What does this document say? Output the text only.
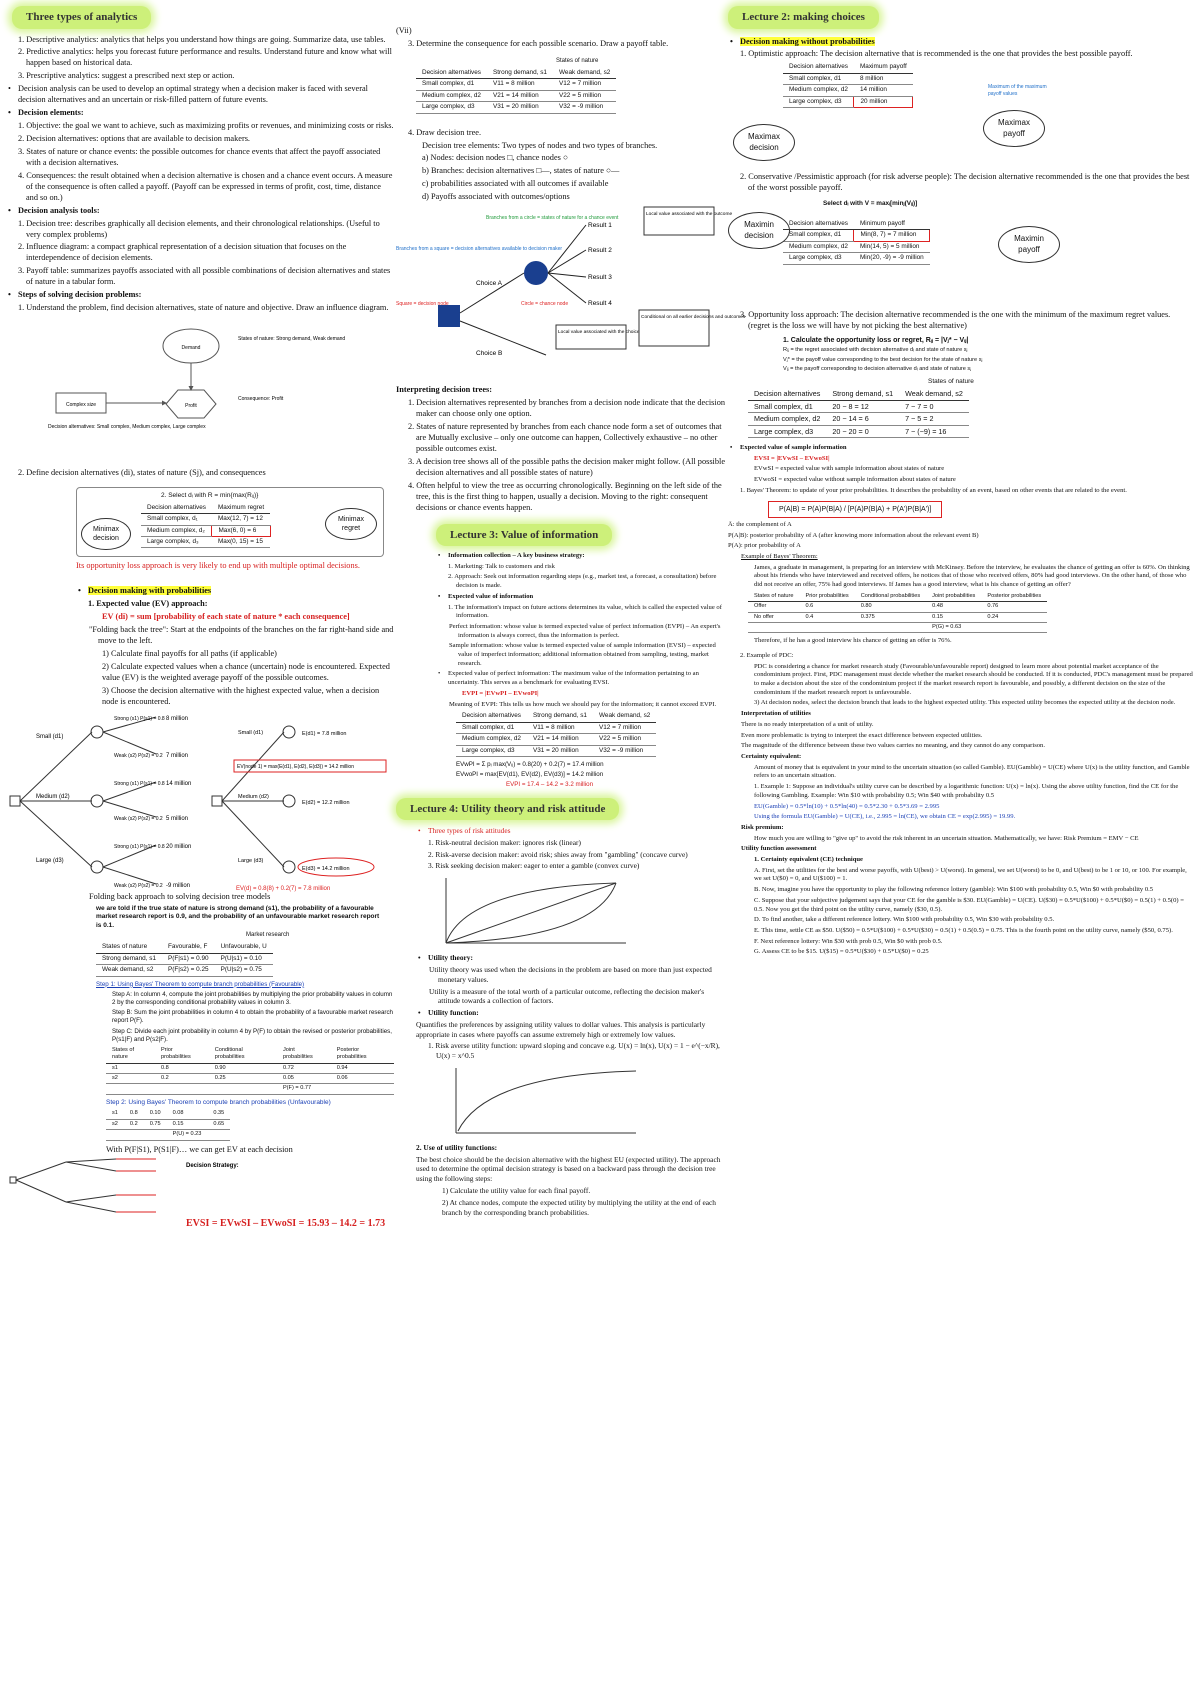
Three types of analytics

1. Descriptive analytics: analytics that helps you understand how things are going. Summarize data, use tables.

2. Predictive analytics: helps you forecast future performance and results. Understand future and know what will happen based on historical data.

3. Prescriptive analytics: suggest a prescribed next step or action.

• Decision analysis can be used to develop an optimal strategy when a decision maker is faced with several decision alternatives and an uncertain or risk-filled pattern of future events.

• Decision elements:

1. Objective: the goal we want to achieve, such as maximizing profits or revenues, and minimizing costs or risks.

2. Decision alternatives: options that are available to decision makers.

3. States of nature or chance events: the possible outcomes for chance events that affect the payoff associated with a decision alternatives.

4. Consequences: the result obtained when a decision alternative is chosen and a chance event occurs. A measure of the consequence is often called a payoff. (Payoff can be expressed in terms of profit, cost, time, distance and so on.)

• Decision analysis tools:

1. Decision tree: describes graphically all decision elements, and their chronological relationships. (Useful to very complex problems)

2. Influence diagram: a compact graphical representation of a decision situation that focuses on the interdependence of decision elements.

3. Payoff table: summarizes payoffs associated with all possible combinations of decision alternatives and states of nature in a tabular form.

• Steps of solving decision problems:

1. Understand the problem, find decision alternatives, state of nature and objective. Draw an influence diagram.

Demand
States of nature: Strong demand, Weak demand
Complex size	Profit
Consequence: Profit
Decision alternatives: Small complex, Medium complex, Large complex

2. Define decision alternatives (di), states of nature (Sj), and consequences

2. Select dᵢ with R = min{max(Rᵢⱼ)}

Decision alternatives	Maximum regret
Small complex, d₁	Max(12, 7) = 12
Medium complex, d₂	Max(6, 0) = 6
Large complex, d₃	Max(0, 15) = 15
Minimax decision
Minimax regret

Its opportunity loss approach is very likely to end up with multiple optimal decisions.

• Decision making with probabilities

1. Expected value (EV) approach:

EV (di) = sum [probability of each state of nature * each consequence]

"Folding back the tree": Start at the endpoints of the branches on the far right-hand side and move to the left.

1) Calculate final payoffs for all paths (if applicable)

2) Calculate expected values when a chance (uncertain) node is encountered. Expected value (EV) is the weighted average payoff of the possible outcomes.

3) Choose the decision alternative with the highest expected value, when a decision node is encountered.

Small (d1)
Medium (d2)
Large (d3)
Strong (s1) P(s1) = 0.8
Weak (s2) P(s2) = 0.2
Strong (s1) P(s1) = 0.8
Weak (s2) P(s2) = 0.2
Strong (s1) P(s1) = 0.8
Weak (s2) P(s2) = 0.2
8 million
7 million
14 million
5 million
20 million
-9 million
Small (d1)
Medium (d2)
Large (d3)
E(d1) = 7.8 million
E(d2) = 12.2 million
E(d3) = 14.2 million
EV(node 1) = max(E(d1), E(d2), E(d3)) = 14.2 million
EV(d) = 0.8(8) + 0.2(7) = 7.8 million

Folding back approach to solving decision tree models

we are told if the true state of nature is strong demand (s1), the probability of a favourable market research report is 0.9, and the probability of an unfavourable market research report is 0.1.

Market research

States of nature	Favourable, F	Unfavourable, U
Strong demand, s1	P(F|s1) = 0.90	P(U|s1) = 0.10
Weak demand, s2	P(F|s2) = 0.25	P(U|s2) = 0.75

Step 1: Using Bayes' Theorem to compute branch probabilities (Favourable)

Step A: In column 4, compute the joint probabilities by multiplying the prior probability values in column 2 by the corresponding conditional probability values in column 3.

Step B: Sum the joint probabilities in column 4 to obtain the probability of a favourable market research report P(F).

Step C: Divide each joint probability in column 4 by P(F) to obtain the revised or posterior probabilities, P(s1|F) and P(s2|F).

States of nature	Prior probabilities	Conditional probabilities	Joint probabilities	Posterior probabilities
s1	0.8	0.90	0.72	0.94
s2	0.2	0.25	0.05	0.06
			P(F) = 0.77	

Step 2: Using Bayes' Theorem to compute branch probabilities (Unfavourable)

s1	0.8	0.10	0.08	0.35
s2	0.2	0.75	0.15	0.65
			P(U) = 0.23	

With P(F|S1), P(S1|F)… we can get EV at each decision

Decision Strategy:

EVSI = EVwSI – EVwoSI = 15.93 – 14.2 = 1.73

(Vii)

3. Determine the consequence for each possible scenario. Draw a payoff table.

States of nature

Decision alternatives	Strong demand, s1	Weak demand, s2
Small complex, d1	V11 = 8 million	V12 = 7 million
Medium complex, d2	V21 = 14 million	V22 = 5 million
Large complex, d3	V31 = 20 million	V32 = -9 million

4. Draw decision tree.

Decision tree elements: Two types of nodes and two types of branches.

a) Nodes: decision nodes □, chance nodes ○

b) Branches: decision alternatives □—, states of nature ○—

c) probabilities associated with all outcomes if available

d) Payoffs associated with outcomes/options

Result 1
Result 2
Result 3
Result 4
Choice A
Choice B
Branches from a circle = states of nature for a chance event
Branches from a square = decision alternatives available to decision maker
Circle = chance node
Square = decision node
Local value associated with the outcome
Local value associated with the choice
Conditional on all earlier decisions and outcomes

Interpreting decision trees:

1. Decision alternatives represented by branches from a decision node indicate that the decision maker can choose only one option.

2. States of nature represented by branches from each chance node form a set of outcomes that are Mutually exclusive – only one outcome can happen, Collectively exhaustive – no other possible outcomes exist.

3. A decision tree shows all of the possible paths the decision maker might follow. (All possible decision alternatives and all possible states of nature)

4. Often helpful to view the tree as occurring chronologically. Beginning on the left side of the tree, this is the first thing to happen, usually a decision. Moving to the right: consequent decisions or chance events happen.

Lecture 3: Value of information

• Information collection – A key business strategy:

1. Marketing: Talk to customers and risk

2. Approach: Seek out information regarding steps (e.g., market test, a forecast, a consultation) before decision is made.

• Expected value of information

1. The information's impact on future actions determines its value, which is called the expected value of information.

Perfect information: whose value is termed expected value of perfect information (EVPI) – An expert's information is always correct, thus the information is perfect.

Sample information: whose value is termed expected value of sample information (EVSI) – expected value of imperfect information; additional information obtained from sampling, testing, market research.

• Expected value of perfect information: The maximum value of the information pertaining to an uncertainty. This serves as a benchmark for evaluating EVSI.

EVPI = |EVwPI – EVwoPI|

Meaning of EVPI: This tells us how much we should pay for the information; it cannot exceed EVPI.

Decision alternatives	Strong demand, s1	Weak demand, s2
Small complex, d1	V11 = 8 million	V12 = 7 million
Medium complex, d2	V21 = 14 million	V22 = 5 million
Large complex, d3	V31 = 20 million	V32 = -9 million

EVwPI = Σ pᵢ max(Vᵢⱼ) = 0.8(20) + 0.2(7) = 17.4 million

EVwoPI = max[EV(d1), EV(d2), EV(d3)] = 14.2 million

EVPI = 17.4 – 14.2 = 3.2 million

Lecture 4: Utility theory and risk attitude

• Three types of risk attitudes

1. Risk-neutral decision maker: ignores risk (linear)

2. Risk-averse decision maker: avoid risk; shies away from "gambling" (concave curve)

3. Risk seeking decision maker: eager to enter a gamble (convex curve)

• Utility theory:

Utility theory was used when the decisions in the problem are based on more than just expected monetary values.

Utility is a measure of the total worth of a particular outcome, reflecting the decision maker's attitude towards a collection of factors.

• Utility function:

Quantifies the preferences by assigning utility values to dollar values. This analysis is particularly appropriate in cases where payoffs can assume extremely high or extremely low values.

1. Risk averse utility function: upward sloping and concave e.g. U(x) = ln(x), U(x) = 1 − e^(−x/R), U(x) = x^0.5

2. Use of utility functions:

The best choice should be the decision alternative with the highest EU (expected utility). The approach used to determine the optimal decision strategy is based on a backward pass through the decision tree using the following steps:

1) Calculate the utility value for each final payoff.

2) At chance nodes, compute the expected utility by multiplying the utility at the end of each branch by the corresponding branch probabilities.

Lecture 2: making choices

• Decision making without probabilities

1. Optimistic approach: The decision alternative that is recommended is the one that provides the best possible payoff.

Decision alternatives	Maximum payoff
Small complex, d1	8 million
Medium complex, d2	14 million
Large complex, d3	20 million
Maximax decision
Maximax payoff
Maximum of the maximum payoff values

2. Conservative /Pessimistic approach (for risk adverse people): The decision alternative recommended is the one that provides the best of the worst possible payoff.

Select dᵢ with V = maxᵢ[minⱼ(Vᵢⱼ)]

Decision alternatives	Minimum payoff
Small complex, d1	Min(8, 7) = 7 million
Medium complex, d2	Min(14, 5) = 5 million
Large complex, d3	Min(20, -9) = -9 million
Maximin decision	Maximin payoff

3. Opportunity loss approach: The decision alternative recommended is the one with the minimum of the maximum regret values. (regret is the loss we will have by not picking the best alternative)

1. Calculate the opportunity loss or regret, Rᵢⱼ = |Vⱼ* − Vᵢⱼ|

Rᵢⱼ = the regret associated with decision alternative dᵢ and state of nature sⱼ

Vⱼ* = the payoff value corresponding to the best decision for the state of nature sⱼ

Vᵢⱼ = the payoff corresponding to decision alternative dᵢ and state of nature sⱼ

States of nature

Decision alternatives	Strong demand, s1	Weak demand, s2
Small complex, d1	20 − 8 = 12	7 − 7 = 0
Medium complex, d2	20 − 14 = 6	7 − 5 = 2
Large complex, d3	20 − 20 = 0	7 − (−9) = 16

• Expected value of sample information

EVSI = |EVwSI – EVwoSI|

EVwSI = expected value with sample information about states of nature

EVwoSI = expected value without sample information about states of nature

1. Bayes' Theorem: to update of your prior probabilities. It describes the probability of an event, based on other events that are related to the event.

P(A|B) = P(A)P(B|A) / [P(A)P(B|A) + P(A')P(B|A')]

Ā: the complement of A

P(A|B): posterior probability of A (after knowing more information about the relevant event B)

P(A): prior probability of A

Example of Bayes' Theorem:

James, a graduate in management, is preparing for an interview with McKinsey. Before the interview, he evaluates the chance of getting an offer is 60%. On thinking about his friends who have interviewed and received offers, he notices that of those who received offers, 80% had good interviews. On the other hand, of those who did not receive an offer, 75% had good interviews. If James has a good interview, what is his chance of getting an offer?

States of nature	Prior probabilities	Conditional probabilities	Joint probabilities	Posterior probabilities
Offer	0.6	0.80	0.48	0.76
No offer	0.4	0.375	0.15	0.24
			P(G) = 0.63	

Therefore, if he has a good interview his chance of getting an offer is 76%.

2. Example of PDC:

PDC is considering a chance for market research study (Favourable/unfavourable report) designed to learn more about potential market acceptance of the condominium project. First, PDC management must decide whether the market research should be conducted. If it is conducted, PDC's management must be prepared to make a decision about the size of the condominium project if the market research report is favourable, and possibly, a different decision on the size of the condominium if the market research report is unfavourable.

3) At decision nodes, select the decision branch that leads to the highest expected utility. This expected utility becomes the expected utility at the decision node.

Interpretation of utilities

There is no ready interpretation of a unit of utility.

Even more problematic is trying to interpret the exact difference between expected utilities.

The magnitude of the difference between these two values carries no meaning, and they cannot do any comparison.

Certainty equivalent:

Amount of money that is equivalent in your mind to the uncertain situation (so called Gamble). EU(Gamble) = U(CE) where U(x) is the utility function, and Gamble refers to an uncertain situation.

1. Example 1: Suppose an individual's utility curve can be described by a logarithmic function: U(x) = ln(x). Using the above utility function, find the CE for the following Gambling. Example: Win $10 with probability 0.5; Win $40 with probability 0.5

EU(Gamble) = 0.5*ln(10) + 0.5*ln(40) = 0.5*2.30 + 0.5*3.69 = 2.995

Using the formula EU(Gamble) = U(CE), i.e., 2.995 = ln(CE), we obtain CE = exp(2.995) = 19.99.

Risk premium:

How much you are willing to "give up" to avoid the risk inherent in an uncertain situation. Mathematically, we have: Risk Premium = EMV − CE

Utility function assessment

1. Certainty equivalent (CE) technique

A. First, set the utilities for the best and worse payoffs, with U(best) > U(worst). In general, we set U(worst) to be 0, and U(best) to be 1 or 10, or 100. For example, we set U($0) = 0, and U($100) = 1.

B. Now, imagine you have the opportunity to play the following reference lottery (gamble): Win $100 with probability 0.5, Win $0 with probability 0.5

C. Suppose that your subjective judgement says that your CE for the gamble is $30. EU(Gamble) = U(CE). U($30) = 0.5*U($100) + 0.5*U($0) = 0.5(1) + 0.5(0) = 0.5. Now you get the third point on the utility curve, namely ($30, 0.5).

D. To find another, take a different reference lottery. Win $100 with probability 0.5, Win $30 with probability 0.5.

E. This time, settle CE as $50. U($50) = 0.5*U($100) + 0.5*U($30) = 0.5(1) + 0.5(0.5) = 0.75. This is the fourth point on the utility curve, namely ($50, 0.75).

F. Next reference lottery: Win $30 with prob 0.5, Win $0 with prob 0.5.

G. Assess CE to be $15. U($15) = 0.5*U($30) + 0.5*U($0) = 0.25
